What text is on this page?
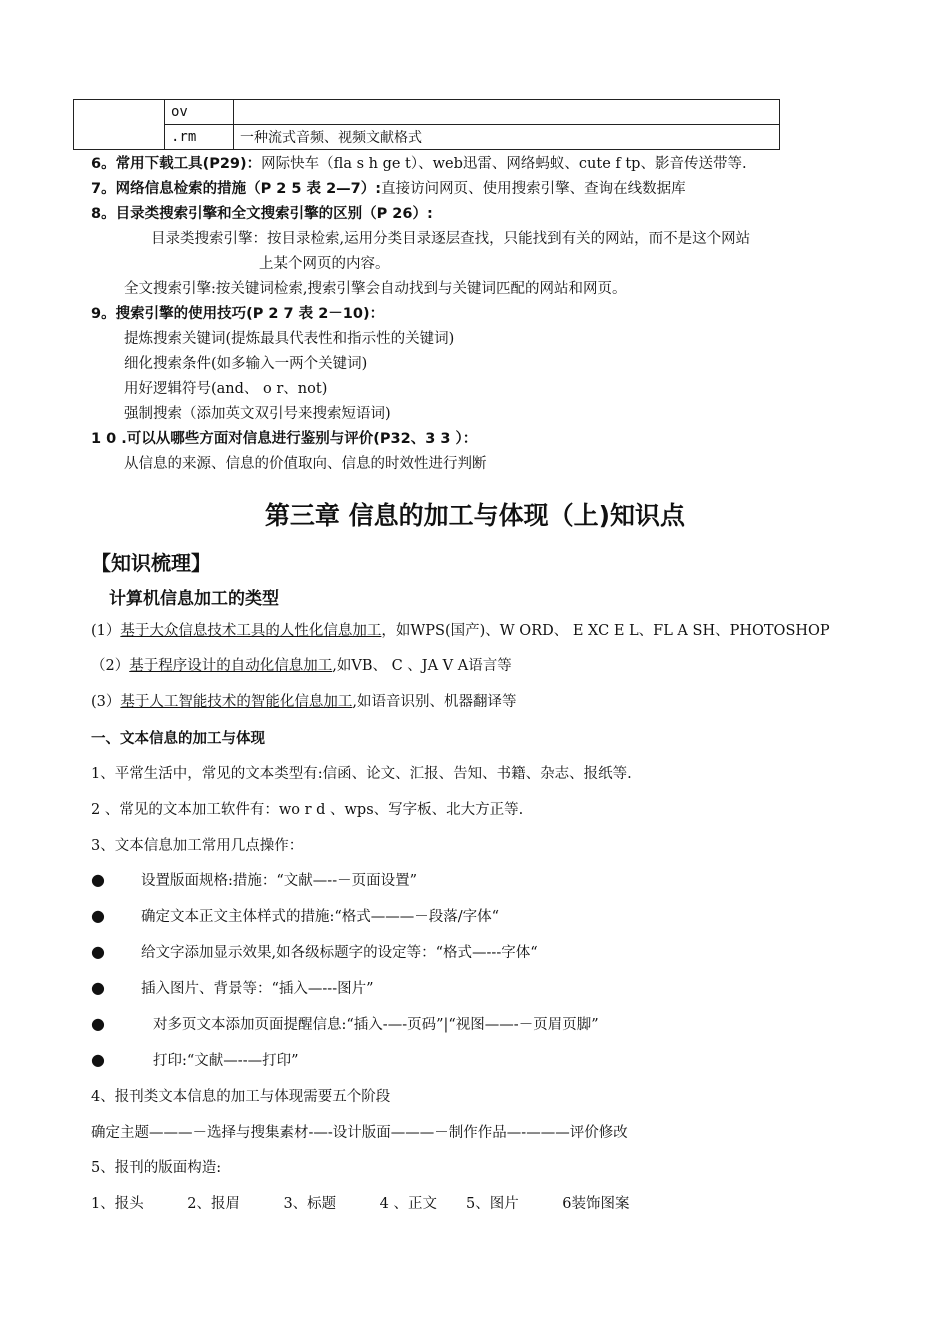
	ov	
	.rm	一种流式音频、视频文献格式
6。常用下载工具(P29)：网际快车（fla s h ge t）、web迅雷、网络蚂蚁、cute f tp、影音传送带等.
7。网络信息检索的措施（P 2 5 表 2—7）:直接访问网页、使用搜索引擎、查询在线数据库
8。目录类搜索引擎和全文搜索引擎的区别（P 26）:
目录类搜索引擎：按目录检索,运用分类目录逐层查找，只能找到有关的网站，而不是这个网站
上某个网页的内容。
全文搜索引擎:按关键词检索,搜索引擎会自动找到与关键词匹配的网站和网页。
9。搜索引擎的使用技巧(P 2 7 表 2－10)：
提炼搜索关键词(提炼最具代表性和指示性的关键词)
细化搜索条件(如多输入一两个关键词)
用好逻辑符号(and、 o r、not)
强制搜索（添加英文双引号来搜索短语词)
1 0 .可以从哪些方面对信息进行鉴别与评价(P32、3 3 ）：
从信息的来源、信息的价值取向、信息的时效性进行判断
第三章 信息的加工与体现（上)知识点
【知识梳理】
计算机信息加工的类型
(1）基于大众信息技术工具的人性化信息加工，如WPS(国产)、W ORD、 E XC E L、FL A SH、PHOTOSHOP
（2）基于程序设计的自动化信息加工,如VB、 C 、JA V A语言等
(3）基于人工智能技术的智能化信息加工,如语音识别、机器翻译等
一、文本信息的加工与体现
1、平常生活中，常见的文本类型有:信函、论文、汇报、告知、书籍、杂志、报纸等.
2 、常见的文本加工软件有：wo r d 、wps、写字板、北大方正等.
3、文本信息加工常用几点操作：
● 设置版面规格:措施：“文献—--－页面设置”
● 确定文本正文主体样式的措施:“格式———－段落/字体“
● 给文字添加显示效果,如各级标题字的设定等：“格式—---字体“
● 插入图片、背景等：“插入—---图片”
●	对多页文本添加页面提醒信息:“插入-—-页码”|“视图——-－页眉页脚”
●	打印:“文献—--—打印”
4、报刊类文本信息的加工与体现需要五个阶段
确定主题———－选择与搜集素材-—-设计版面———－制作作品—-———评价修改
5、报刊的版面构造:
1、报头　　　2、报眉　　　3、标题　　　4 、正文　　5、图片　　　6装饰图案
